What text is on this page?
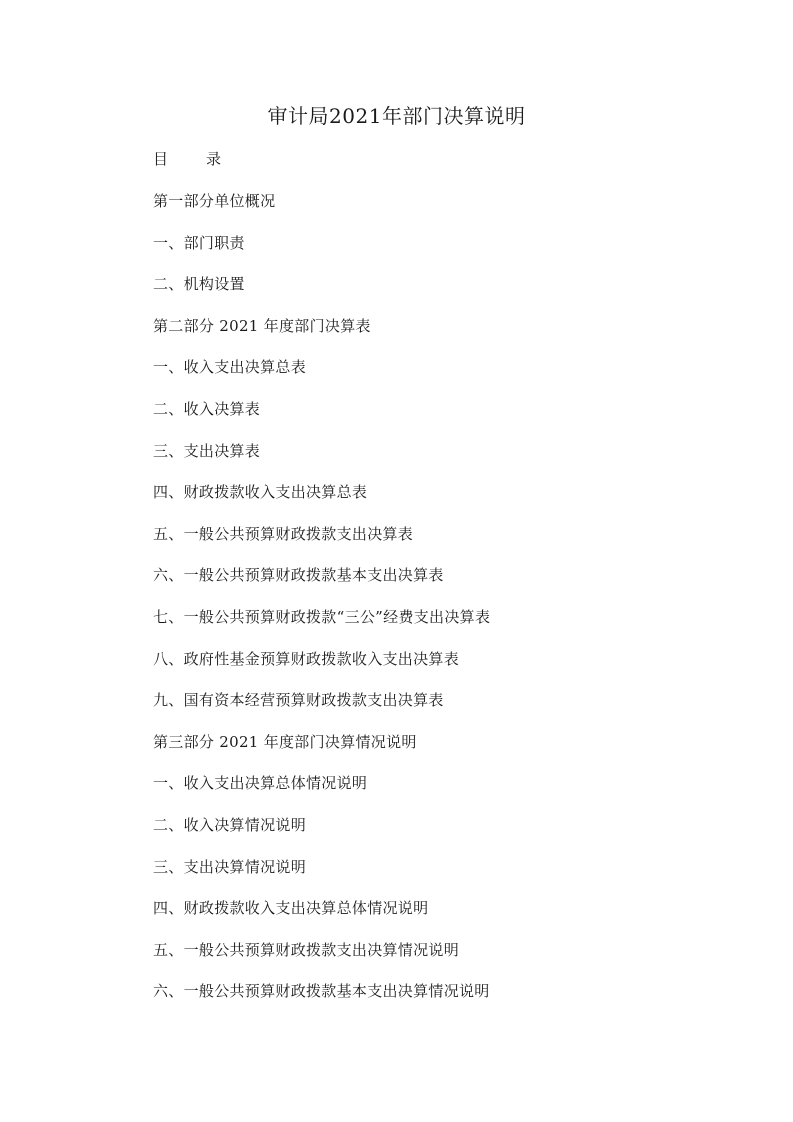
审计局2021年部门决算说明
目	录
第一部分单位概况
一、部门职责
二、机构设置
第二部分 2021 年度部门决算表
一、收入支出决算总表
二、收入决算表
三、支出决算表
四、财政拨款收入支出决算总表
五、一般公共预算财政拨款支出决算表
六、一般公共预算财政拨款基本支出决算表
七、一般公共预算财政拨款“三公”经费支出决算表
八、政府性基金预算财政拨款收入支出决算表
九、国有资本经营预算财政拨款支出决算表
第三部分 2021 年度部门决算情况说明
一、收入支出决算总体情况说明
二、收入决算情况说明
三、支出决算情况说明
四、财政拨款收入支出决算总体情况说明
五、一般公共预算财政拨款支出决算情况说明
六、一般公共预算财政拨款基本支出决算情况说明
